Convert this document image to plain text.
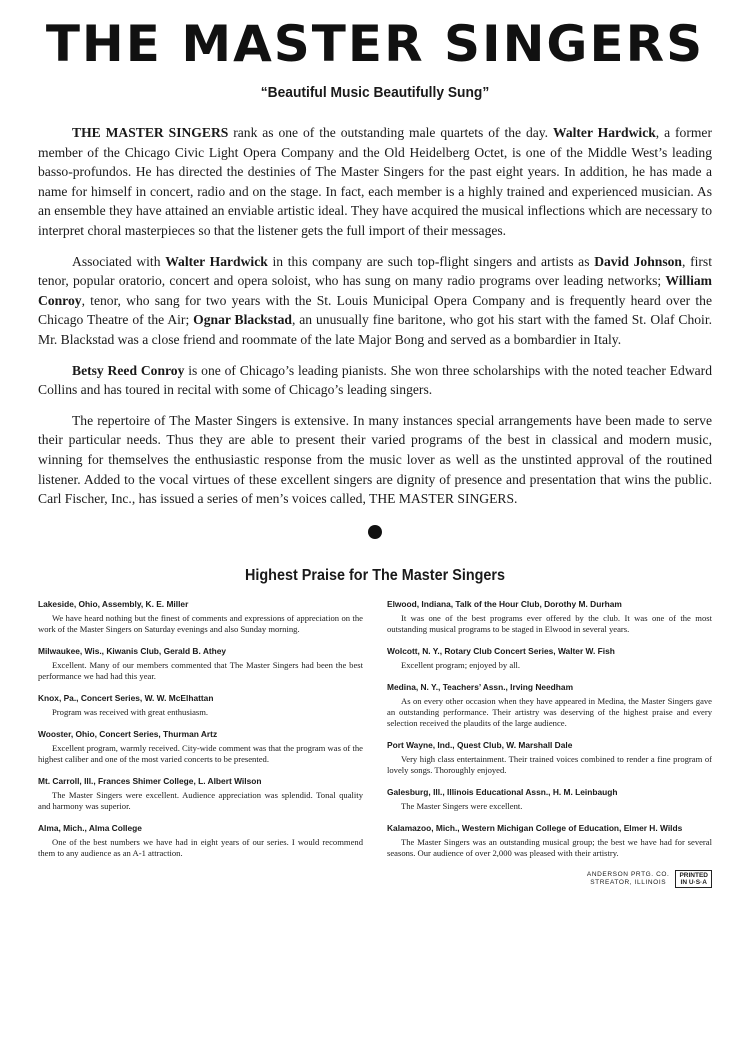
THE MASTER SINGERS
“Beautiful Music Beautifully Sung”

THE MASTER SINGERS rank as one of the outstanding male quartets of the day. Walter Hardwick, a former member of the Chicago Civic Light Opera Company and the Old Heidelberg Octet, is one of the Middle West’s leading basso-profundos. He has directed the destinies of The Master Singers for the past eight years. In addition, he has made a name for himself in concert, radio and on the stage. In fact, each member is a highly trained and experienced musician. As an ensemble they have attained an enviable artistic ideal. They have acquired the musical inflections which are necessary to interpret choral masterpieces so that the listener gets the full import of their messages.

Associated with Walter Hardwick in this company are such top-flight singers and artists as David Johnson, first tenor, popular oratorio, concert and opera soloist, who has sung on many radio programs over leading networks; William Conroy, tenor, who sang for two years with the St. Louis Municipal Opera Company and is frequently heard over the Chicago Theatre of the Air; Ognar Blackstad, an unusually fine baritone, who got his start with the famed St. Olaf Choir. Mr. Blackstad was a close friend and roommate of the late Major Bong and served as a bombardier in Italy.

Betsy Reed Conroy is one of Chicago’s leading pianists. She won three scholarships with the noted teacher Edward Collins and has toured in recital with some of Chicago’s leading singers.

The repertoire of The Master Singers is extensive. In many instances special arrangements have been made to serve their particular needs. Thus they are able to present their varied programs of the best in classical and modern music, winning for themselves the enthusiastic response from the music lover as well as the unstinted approval of the routined listener. Added to the vocal virtues of these excellent singers are dignity of presence and presentation that wins the public. Carl Fischer, Inc., has issued a series of men’s voices called, THE MASTER SINGERS.

Highest Praise for The Master Singers
Lakeside, Ohio, Assembly, K. E. Miller
We have heard nothing but the finest of comments and expressions of appreciation on the work of the Master Singers on Saturday evenings and also Sunday morning.
Milwaukee, Wis., Kiwanis Club, Gerald B. Athey
Excellent. Many of our members commented that The Master Singers had been the best performance we had had this year.
Knox, Pa., Concert Series, W. W. McElhattan
Program was received with great enthusiasm.
Wooster, Ohio, Concert Series, Thurman Artz
Excellent program, warmly received. City-wide comment was that the program was of the highest caliber and one of the most varied concerts to be presented.
Mt. Carroll, Ill., Frances Shimer College, L. Albert Wilson
The Master Singers were excellent. Audience appreciation was splendid. Tonal quality and harmony was superior.
Alma, Mich., Alma College
One of the best numbers we have had in eight years of our series. I would recommend them to any audience as an A-1 attraction.
Elwood, Indiana, Talk of the Hour Club, Dorothy M. Durham
It was one of the best programs ever offered by the club. It was one of the most outstanding musical programs to be staged in Elwood in several years.
Wolcott, N. Y., Rotary Club Concert Series, Walter W. Fish
Excellent program; enjoyed by all.
Medina, N. Y., Teachers’ Assn., Irving Needham
As on every other occasion when they have appeared in Medina, the Master Singers gave an outstanding performance. Their artistry was deserving of the highest praise and every selection received the plaudits of the large audience.
Port Wayne, Ind., Quest Club, W. Marshall Dale
Very high class entertainment. Their trained voices combined to render a fine program of lovely songs. Thoroughly enjoyed.
Galesburg, Ill., Illinois Educational Assn., H. M. Leinbaugh
The Master Singers were excellent.
Kalamazoo, Mich., Western Michigan College of Education, Elmer H. Wilds
The Master Singers was an outstanding musical group; the best we have had for several seasons. Our audience of over 2,000 was pleased with their artistry.
ANDERSON PRTG. CO.
STREATOR, ILLINOIS
PRINTED
IN U·S·A
